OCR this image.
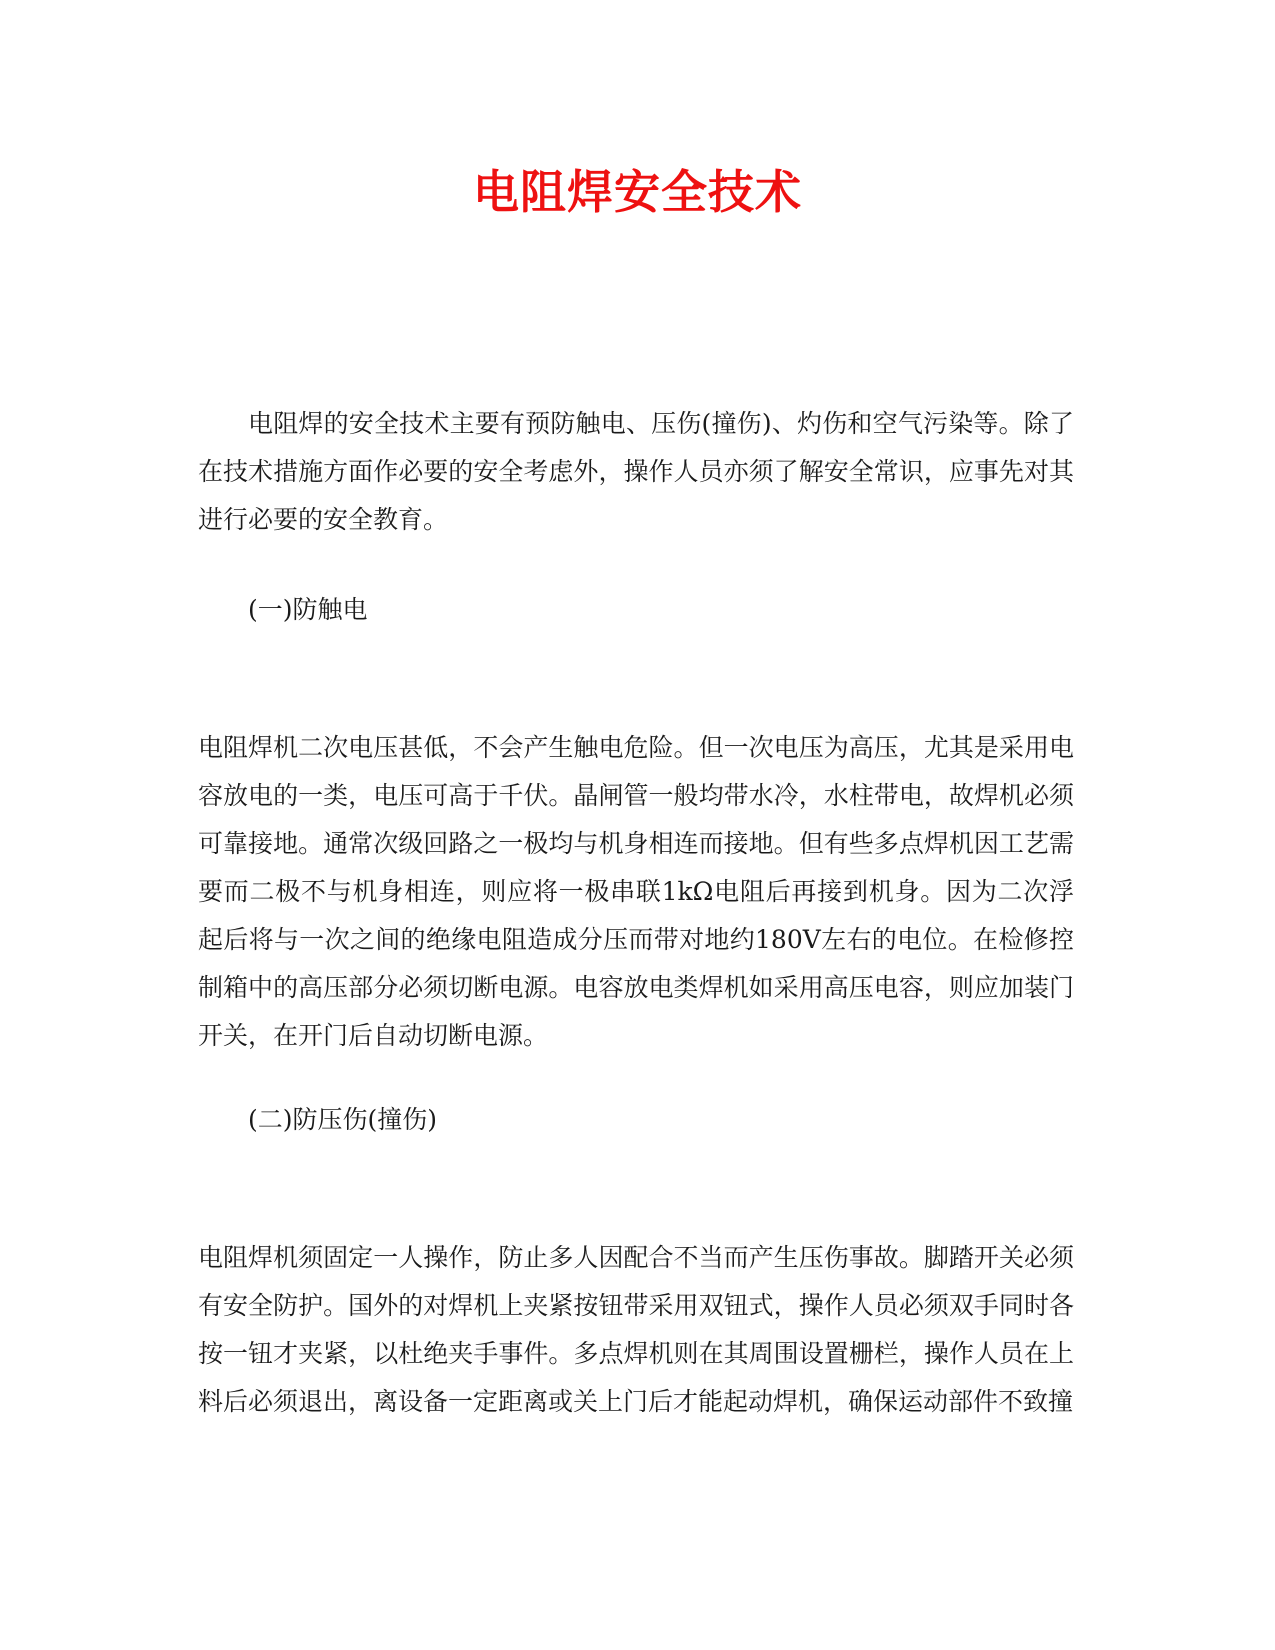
电阻焊安全技术

电阻焊的安全技术主要有预防触电、压伤(撞伤)、灼伤和空气污染等。除了在技术措施方面作必要的安全考虑外，操作人员亦须了解安全常识，应事先对其进行必要的安全教育。

(一)防触电

电阻焊机二次电压甚低，不会产生触电危险。但一次电压为高压，尤其是采用电容放电的一类，电压可高于千伏。晶闸管一般均带水冷，水柱带电，故焊机必须可靠接地。通常次级回路之一极均与机身相连而接地。但有些多点焊机因工艺需要而二极不与机身相连，则应将一极串联1kΩ电阻后再接到机身。因为二次浮起后将与一次之间的绝缘电阻造成分压而带对地约180V左右的电位。在检修控制箱中的高压部分必须切断电源。电容放电类焊机如采用高压电容，则应加装门开关，在开门后自动切断电源。

(二)防压伤(撞伤)

电阻焊机须固定一人操作，防止多人因配合不当而产生压伤事故。脚踏开关必须有安全防护。国外的对焊机上夹紧按钮带采用双钮式，操作人员必须双手同时各按一钮才夹紧，以杜绝夹手事件。多点焊机则在其周围设置栅栏，操作人员在上料后必须退出，离设备一定距离或关上门后才能起动焊机，确保运动部件不致撞
